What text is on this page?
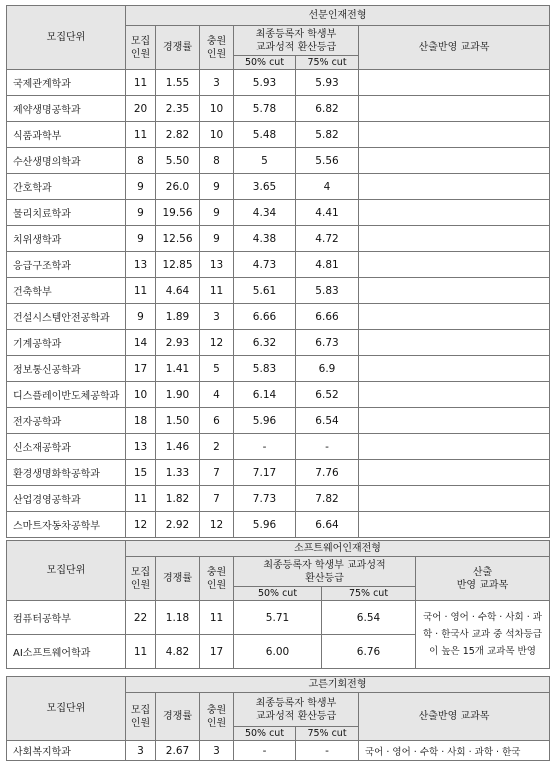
모집단위	선문인재전형					
	모집
인원	경쟁률	충원
인원	최종등록자 학생부
교과성적 환산등급		산출반영 교과목
				50% cut	75% cut	
국제관계학과	11	1.55	3	5.93	5.93	
제약생명공학과	20	2.35	10	5.78	6.82	
식품과학부	11	2.82	10	5.48	5.82	
수산생명의학과	8	5.50	8	5	5.56	
간호학과	9	26.0	9	3.65	4	
물리치료학과	9	19.56	9	4.34	4.41	
치위생학과	9	12.56	9	4.38	4.72	
응급구조학과	13	12.85	13	4.73	4.81	
건축학부	11	4.64	11	5.61	5.83	
건설시스템안전공학과	9	1.89	3	6.66	6.66	
기계공학과	14	2.93	12	6.32	6.73	
정보통신공학과	17	1.41	5	5.83	6.9	
디스플레이반도체공학과	10	1.90	4	6.14	6.52	
전자공학과	18	1.50	6	5.96	6.54	
신소재공학과	13	1.46	2	-	-	
환경생명화학공학과	15	1.33	7	7.17	7.76	
산업경영공학과	11	1.82	7	7.73	7.82	
스마트자동차공학부	12	2.92	12	5.96	6.64	
모집단위	소프트웨어인재전형					
	모집
인원	경쟁률	충원
인원	최종등록자 학생부 교과성적
환산등급		산출
반영 교과목
				50% cut	75% cut	
컴퓨터공학부	22	1.18	11	5.71	6.54	국어 · 영어 · 수학 · 사회 · 과학 · 한국사 교과 중 석차등급이 높은 15개 교과목 반영
AI소프트웨어학과	11	4.82	17	6.00	6.76	
모집단위	고른기회전형					
	모집
인원	경쟁률	충원
인원	최종등록자 학생부
교과성적 환산등급		산출반영 교과목
				50% cut	75% cut	
사회복지학과	3	2.67	3	-	-	국어 · 영어 · 수학 · 사회 · 과학 · 한국
